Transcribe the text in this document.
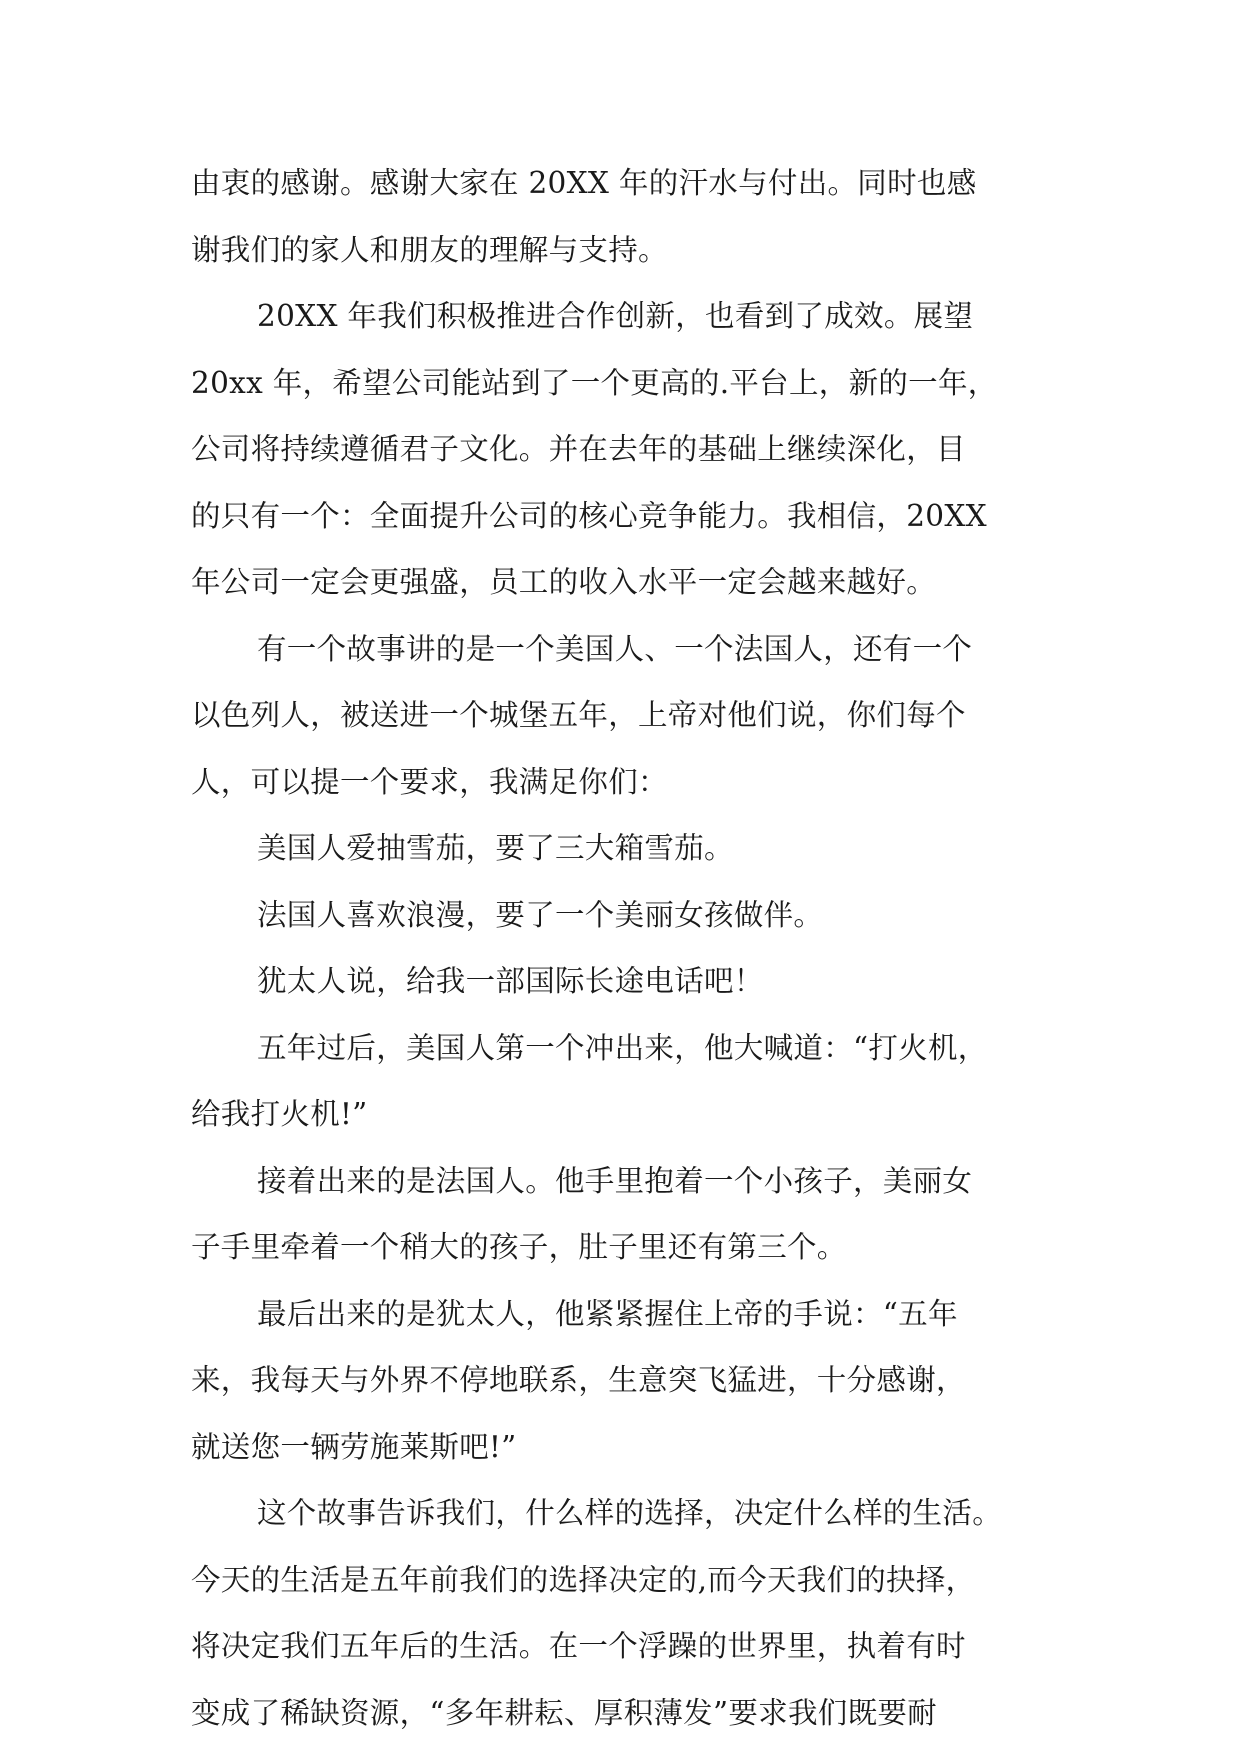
由衷的感谢。感谢大家在 20XX 年的汗水与付出。同时也感
谢我们的家人和朋友的理解与支持。
20XX 年我们积极推进合作创新，也看到了成效。展望
20xx 年，希望公司能站到了一个更高的.平台上，新的一年，
公司将持续遵循君子文化。并在去年的基础上继续深化，目
的只有一个：全面提升公司的核心竞争能力。我相信，20XX
年公司一定会更强盛，员工的收入水平一定会越来越好。
有一个故事讲的是一个美国人、一个法国人，还有一个
以色列人，被送进一个城堡五年，上帝对他们说，你们每个
人，可以提一个要求，我满足你们：
美国人爱抽雪茄，要了三大箱雪茄。
法国人喜欢浪漫，要了一个美丽女孩做伴。
犹太人说，给我一部国际长途电话吧！
五年过后，美国人第一个冲出来，他大喊道：“打火机，
给我打火机!”
接着出来的是法国人。他手里抱着一个小孩子，美丽女
子手里牵着一个稍大的孩子，肚子里还有第三个。
最后出来的是犹太人，他紧紧握住上帝的手说：“五年
来，我每天与外界不停地联系，生意突飞猛进，十分感谢，
就送您一辆劳施莱斯吧!”
这个故事告诉我们，什么样的选择，决定什么样的生活。
今天的生活是五年前我们的选择决定的,而今天我们的抉择，
将决定我们五年后的生活。在一个浮躁的世界里，执着有时
变成了稀缺资源，“多年耕耘、厚积薄发”要求我们既要耐
